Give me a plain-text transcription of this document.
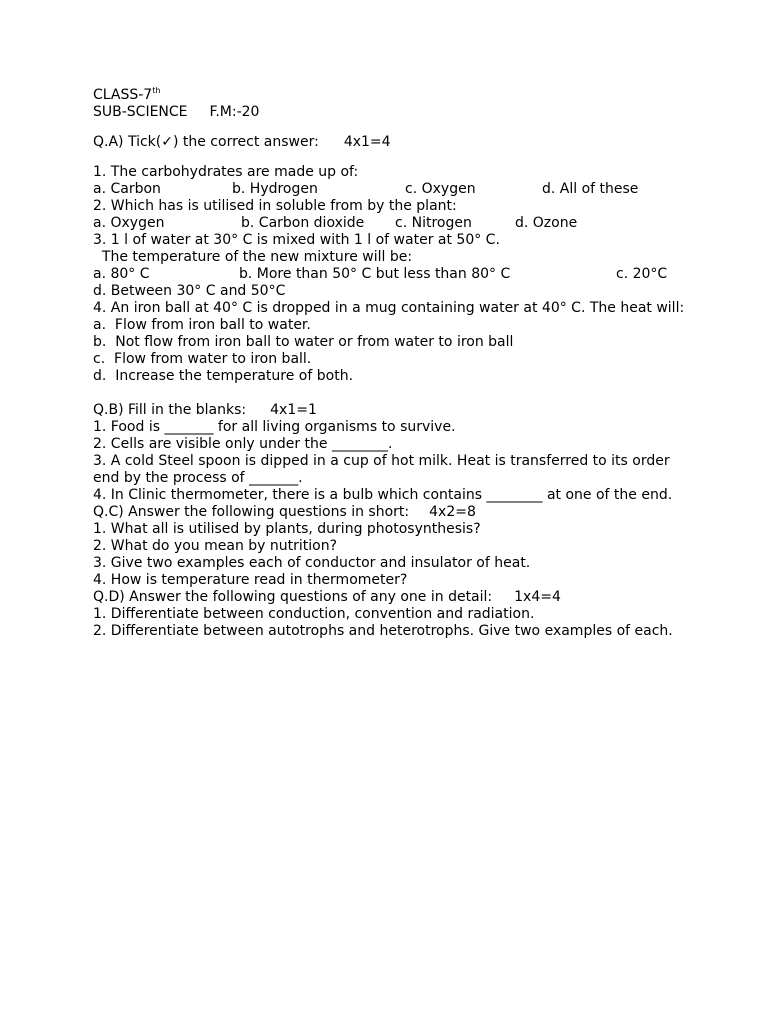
CLASS-7th
SUB-SCIENCE F.M:-20
Q.A) Tick(✓) the correct answer: 4x1=4
1. The carbohydrates are made up of:
a. Carbon	b. Hydrogen	c. Oxygen	d. All of these
2. Which has is utilised in soluble from by the plant:
a. Oxygen	b. Carbon dioxide c. Nitrogen	d. Ozone
3. 1 l of water at 30° C is mixed with 1 l of water at 50° C.
The temperature of the new mixture will be:
a. 80° C	b. More than 50° C but less than 80° C	c. 20°C
d. Between 30° C and 50°C
4. An iron ball at 40° C is dropped in a mug containing water at 40° C. The heat will:
a.  Flow from iron ball to water.
b.  Not flow from iron ball to water or from water to iron ball
c.  Flow from water to iron ball.
d.  Increase the temperature of both.
Q.B) Fill in the blanks: 4x1=1
1. Food is _______ for all living organisms to survive.
2. Cells are visible only under the ________.
3. A cold Steel spoon is dipped in a cup of hot milk. Heat is transferred to its order end by the process of _______.
4. In Clinic thermometer, there is a bulb which contains ________ at one of the end.
Q.C) Answer the following questions in short: 4x2=8
1. What all is utilised by plants, during photosynthesis?
2. What do you mean by nutrition?
3. Give two examples each of conductor and insulator of heat.
4. How is temperature read in thermometer?
Q.D) Answer the following questions of any one in detail: 1x4=4
1. Differentiate between conduction, convention and radiation.
2. Differentiate between autotrophs and heterotrophs. Give two examples of each.
